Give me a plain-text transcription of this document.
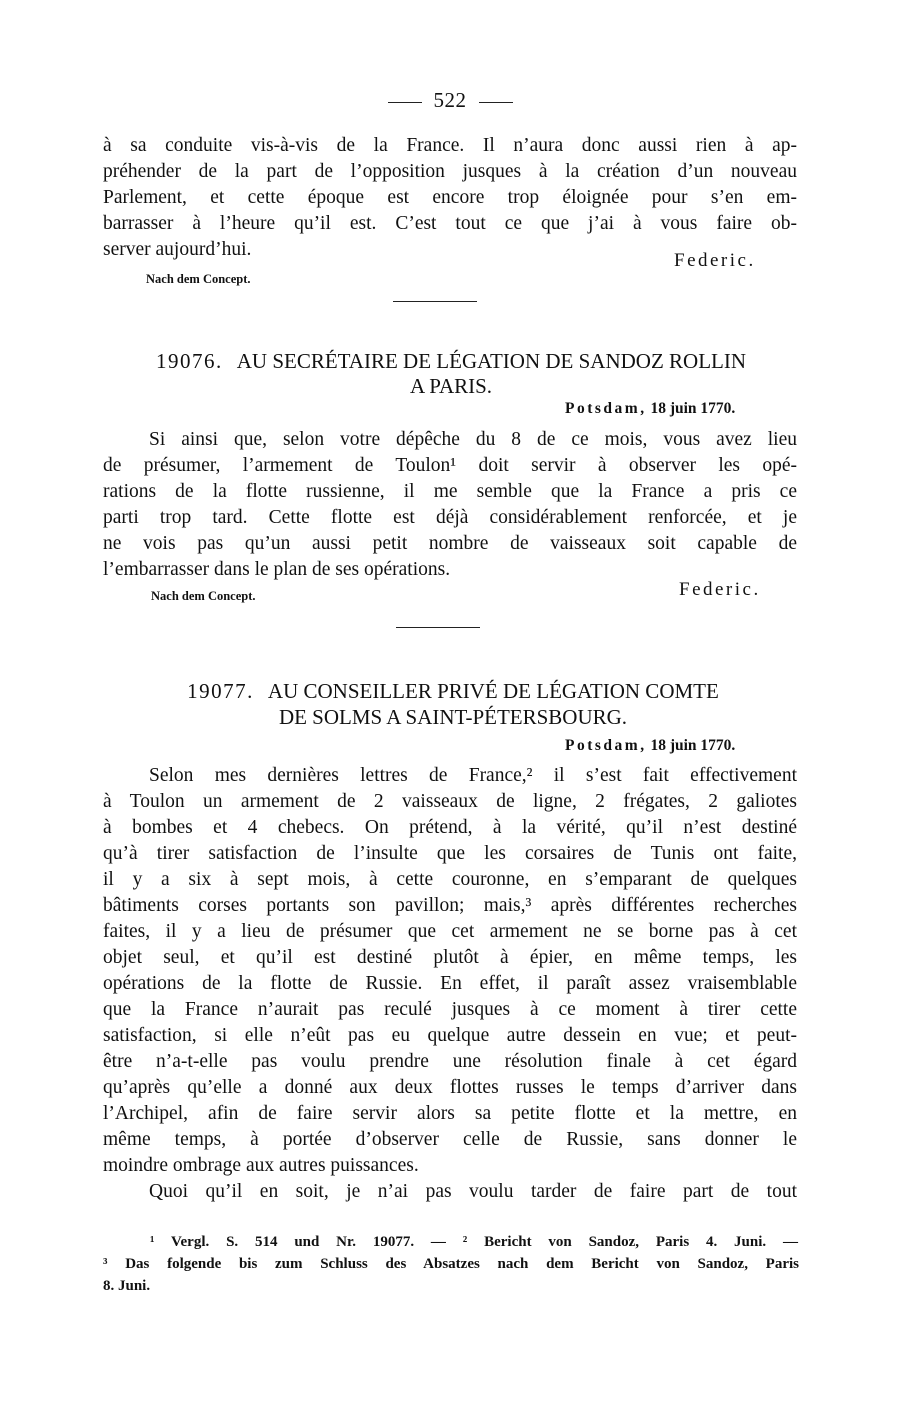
522
à sa conduite vis-à-vis de la France. Il n’aura donc aussi rien à ap-
préhender de la part de l’opposition jusques à la création d’un nouveau
Parlement, et cette époque est encore trop éloignée pour s’en em-
barrasser à l’heure qu’il est. C’est tout ce que j’ai à vous faire ob-
server aujourd’hui.
Federic.
Nach dem Concept.
19076. AU SECRÉTAIRE DE LÉGATION DE SANDOZ ROLLIN
A PARIS.
Potsdam, 18 juin 1770.
Si ainsi que, selon votre dépêche du 8 de ce mois, vous avez lieu
de présumer, l’armement de Toulon¹ doit servir à observer les opé-
rations de la flotte russienne, il me semble que la France a pris ce
parti trop tard. Cette flotte est déjà considérablement renforcée, et je
ne vois pas qu’un aussi petit nombre de vaisseaux soit capable de
l’embarrasser dans le plan de ses opérations.
Nach dem Concept.	Federic.
19077. AU CONSEILLER PRIVÉ DE LÉGATION COMTE
DE SOLMS A SAINT-PÉTERSBOURG.
Potsdam, 18 juin 1770.
Selon mes dernières lettres de France,² il s’est fait effectivement
à Toulon un armement de 2 vaisseaux de ligne, 2 frégates, 2 galiotes
à bombes et 4 chebecs. On prétend, à la vérité, qu’il n’est destiné
qu’à tirer satisfaction de l’insulte que les corsaires de Tunis ont faite,
il y a six à sept mois, à cette couronne, en s’emparant de quelques
bâtiments corses portants son pavillon; mais,³ après différentes recherches
faites, il y a lieu de présumer que cet armement ne se borne pas à cet
objet seul, et qu’il est destiné plutôt à épier, en même temps, les
opérations de la flotte de Russie. En effet, il paraît assez vraisemblable
que la France n’aurait pas reculé jusques à ce moment à tirer cette
satisfaction, si elle n’eût pas eu quelque autre dessein en vue; et peut-
être n’a-t-elle pas voulu prendre une résolution finale à cet égard
qu’après qu’elle a donné aux deux flottes russes le temps d’arriver dans
l’Archipel, afin de faire servir alors sa petite flotte et la mettre, en
même temps, à portée d’observer celle de Russie, sans donner le
moindre ombrage aux autres puissances.
Quoi qu’il en soit, je n’ai pas voulu tarder de faire part de tout
¹ Vergl. S. 514 und Nr. 19077. — ² Bericht von Sandoz, Paris 4. Juni. —
³ Das folgende bis zum Schluss des Absatzes nach dem Bericht von Sandoz, Paris
8. Juni.
